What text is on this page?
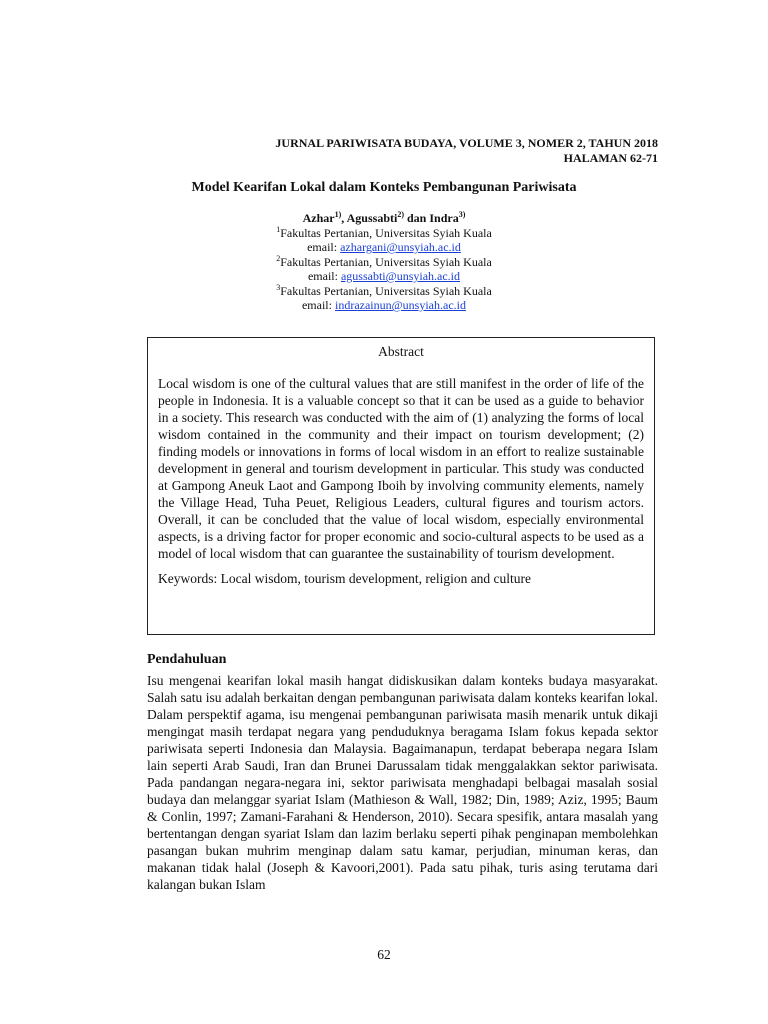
JURNAL PARIWISATA BUDAYA, VOLUME 3, NOMER 2, TAHUN 2018
HALAMAN 62-71
Model Kearifan Lokal dalam Konteks Pembangunan Pariwisata
Azhar$^{1)}$, Agussabti$^{2)}$ dan Indra$^{3)}$
$^1$Fakultas Pertanian, Universitas Syiah Kuala
email: azhargani@unsyiah.ac.id
$^2$Fakultas Pertanian, Universitas Syiah Kuala
email: agussabti@unsyiah.ac.id
$^3$Fakultas Pertanian, Universitas Syiah Kuala
email: indrazainun@unsyiah.ac.id
Abstract

Local wisdom is one of the cultural values that are still manifest in the order of life of the people in Indonesia. It is a valuable concept so that it can be used as a guide to behavior in a society. This research was conducted with the aim of (1) analyzing the forms of local wisdom contained in the community and their impact on tourism development; (2) finding models or innovations in forms of local wisdom in an effort to realize sustainable development in general and tourism development in particular. This study was conducted at Gampong Aneuk Laot and Gampong Iboih by involving community elements, namely the Village Head, Tuha Peuet, Religious Leaders, cultural figures and tourism actors. Overall, it can be concluded that the value of local wisdom, especially environmental aspects, is a driving factor for proper economic and socio-cultural aspects to be used as a model of local wisdom that can guarantee the sustainability of tourism development.

Keywords: Local wisdom, tourism development, religion and culture
Pendahuluan

Isu mengenai kearifan lokal masih hangat didiskusikan dalam konteks budaya masyarakat. Salah satu isu adalah berkaitan dengan pembangunan pariwisata dalam konteks kearifan lokal. Dalam perspektif agama, isu mengenai pembangunan pariwisata masih menarik untuk dikaji mengingat masih terdapat negara yang penduduknya beragama Islam fokus kepada sektor pariwisata seperti Indonesia dan Malaysia. Bagaimanapun, terdapat beberapa negara Islam lain seperti Arab Saudi, Iran dan Brunei Darussalam tidak menggalakkan sektor pariwisata. Pada pandangan negara-negara ini, sektor pariwisata menghadapi belbagai masalah sosial budaya dan melanggar syariat Islam (Mathieson & Wall, 1982; Din, 1989; Aziz, 1995; Baum & Conlin, 1997; Zamani-Farahani & Henderson, 2010). Secara spesifik, antara masalah yang bertentangan dengan syariat Islam dan lazim berlaku seperti pihak penginapan membolehkan pasangan bukan muhrim menginap dalam satu kamar, perjudian, minuman keras, dan makanan tidak halal (Joseph & Kavoori,2001). Pada satu pihak, turis asing terutama dari kalangan bukan Islam

62
